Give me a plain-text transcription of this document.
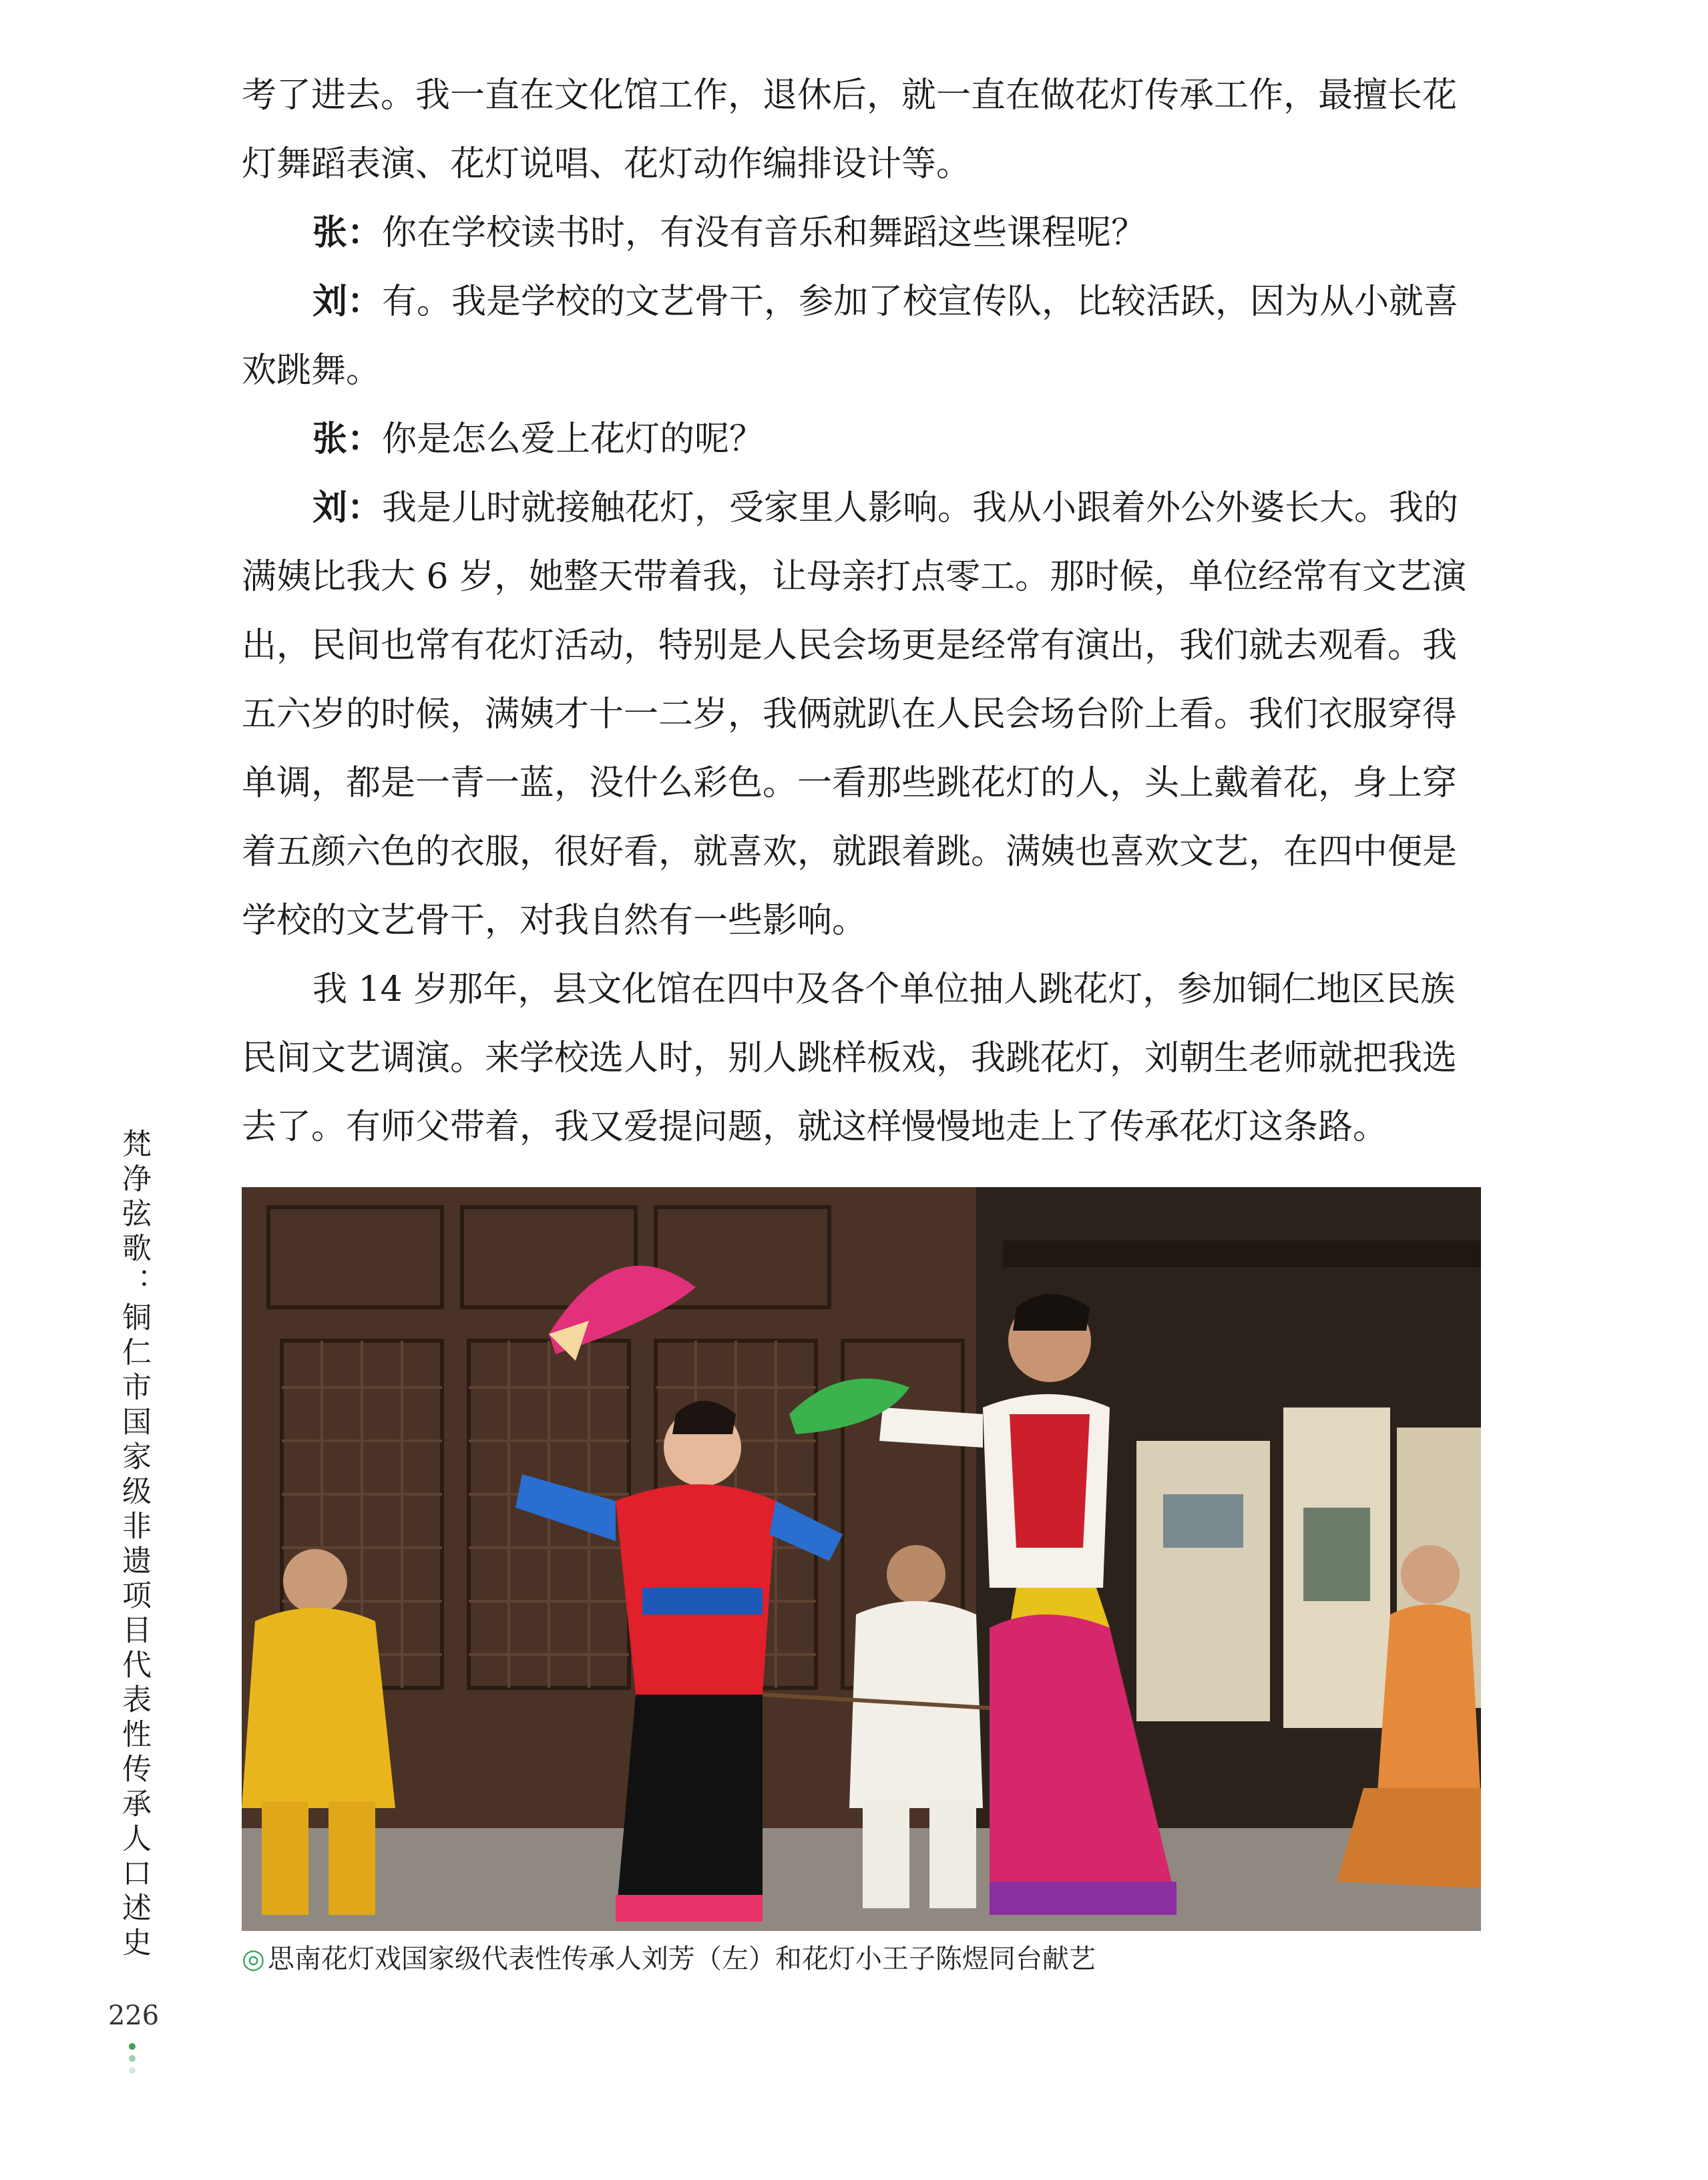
考了进去。我一直在文化馆工作，退休后，就一直在做花灯传承工作，最擅长花灯舞蹈表演、花灯说唱、花灯动作编排设计等。

张：你在学校读书时，有没有音乐和舞蹈这些课程呢？

刘：有。我是学校的文艺骨干，参加了校宣传队，比较活跃，因为从小就喜欢跳舞。

张：你是怎么爱上花灯的呢？

刘：我是儿时就接触花灯，受家里人影响。我从小跟着外公外婆长大。我的满姨比我大 6 岁，她整天带着我，让母亲打点零工。那时候，单位经常有文艺演出，民间也常有花灯活动，特别是人民会场更是经常有演出，我们就去观看。我五六岁的时候，满姨才十一二岁，我俩就趴在人民会场台阶上看。我们衣服穿得单调，都是一青一蓝，没什么彩色。一看那些跳花灯的人，头上戴着花，身上穿着五颜六色的衣服，很好看，就喜欢，就跟着跳。满姨也喜欢文艺，在四中便是学校的文艺骨干，对我自然有一些影响。

我 14 岁那年，县文化馆在四中及各个单位抽人跳花灯，参加铜仁地区民族民间文艺调演。来学校选人时，别人跳样板戏，我跳花灯，刘朝生老师就把我选去了。有师父带着，我又爱提问题，就这样慢慢地走上了传承花灯这条路。

◎ 思南花灯戏国家级代表性传承人刘芳（左）和花灯小王子陈煜同台献艺
梵净弦歌：铜仁市国家级非遗项目代表性传承人口述史
226
